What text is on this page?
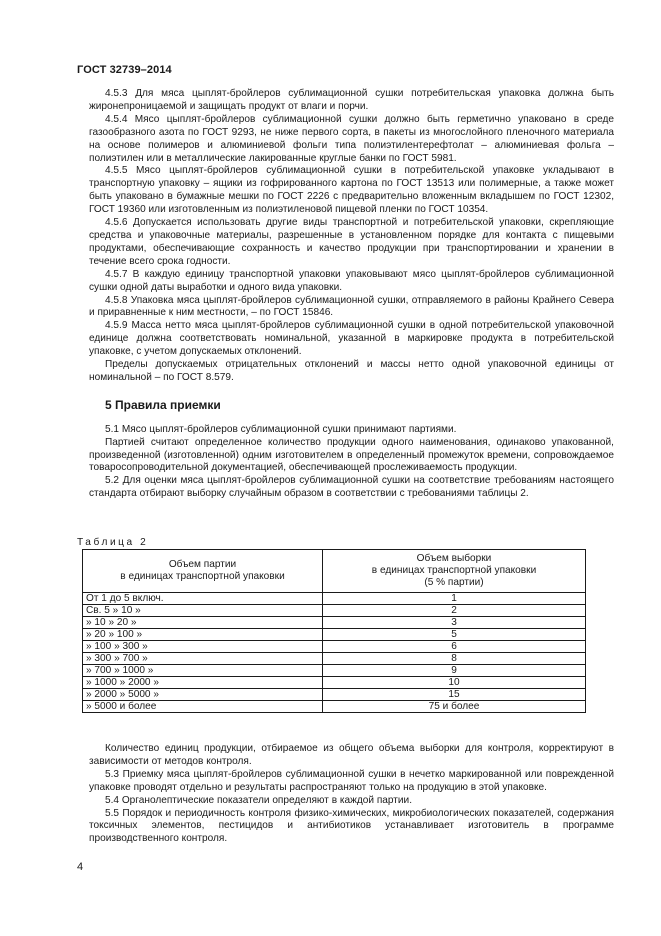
ГОСТ 32739–2014

4.5.3 Для мяса цыплят-бройлеров сублимационной сушки потребительская упаковка должна быть жиронепроницаемой и защищать продукт от влаги и порчи.

4.5.4 Мясо цыплят-бройлеров сублимационной сушки должно быть герметично упаковано в среде газообразного азота по ГОСТ 9293, не ниже первого сорта, в пакеты из многослойного пленочного материала на основе полимеров и алюминиевой фольги типа полиэтилентерефтолат – алюминиевая фольга – полиэтилен или в металлические лакированные круглые банки по ГОСТ 5981.

4.5.5 Мясо цыплят-бройлеров сублимационной сушки в потребительской упаковке укладывают в транспортную упаковку – ящики из гофрированного картона по ГОСТ 13513 или полимерные, а также может быть упаковано в бумажные мешки по ГОСТ 2226 с предварительно вложенным вкладышем по ГОСТ 12302, ГОСТ 19360 или изготовленным из полиэтиленовой пищевой пленки по ГОСТ 10354.

4.5.6 Допускается использовать другие виды транспортной и потребительской упаковки, скрепляющие средства и упаковочные материалы, разрешенные в установленном порядке для контакта с пищевыми продуктами, обеспечивающие сохранность и качество продукции при транспортировании и хранении в течение всего срока годности.

4.5.7 В каждую единицу транспортной упаковки упаковывают мясо цыплят-бройлеров сублимационной сушки одной даты выработки и одного вида упаковки.

4.5.8 Упаковка мяса цыплят-бройлеров сублимационной сушки, отправляемого в районы Крайнего Севера и приравненные к ним местности, – по ГОСТ 15846.

4.5.9 Масса нетто мяса цыплят-бройлеров сублимационной сушки в одной потребительской упаковочной единице должна соответствовать номинальной, указанной в маркировке продукта в потребительской упаковке, с учетом допускаемых отклонений.

Пределы допускаемых отрицательных отклонений и массы нетто одной упаковочной единицы от номинальной – по ГОСТ 8.579.

5 Правила приемки

5.1 Мясо цыплят-бройлеров сублимационной сушки принимают партиями.

Партией считают определенное количество продукции одного наименования, одинаково упакованной, произведенной (изготовленной) одним изготовителем в определенный промежуток времени, сопровождаемое товаросопроводительной документацией, обеспечивающей прослеживаемость продукции.

5.2 Для оценки мяса цыплят-бройлеров сублимационной сушки на соответствие требованиям настоящего стандарта отбирают выборку случайным образом в соответствии с требованиями таблицы 2.

Таблица 2
Объем партии
в единицах транспортной упаковки	Объем выборки
в единицах транспортной упаковки
(5 % партии)
От 1 до 5 включ.	1
Св. 5 » 10 »	2
» 10 » 20 »	3
» 20 » 100 »	5
» 100 » 300 »	6
» 300 » 700 »	8
» 700 » 1000 »	9
» 1000 » 2000 »	10
» 2000 » 5000 »	15
» 5000 и более	75 и более

Количество единиц продукции, отбираемое из общего объема выборки для контроля, корректируют в зависимости от методов контроля.

5.3 Приемку мяса цыплят-бройлеров сублимационной сушки в нечетко маркированной или поврежденной упаковке проводят отдельно и результаты распространяют только на продукцию в этой упаковке.

5.4 Органолептические показатели определяют в каждой партии.

5.5 Порядок и периодичность контроля физико-химических, микробиологических показателей, содержания токсичных элементов, пестицидов и антибиотиков устанавливает изготовитель в программе производственного контроля.

4
